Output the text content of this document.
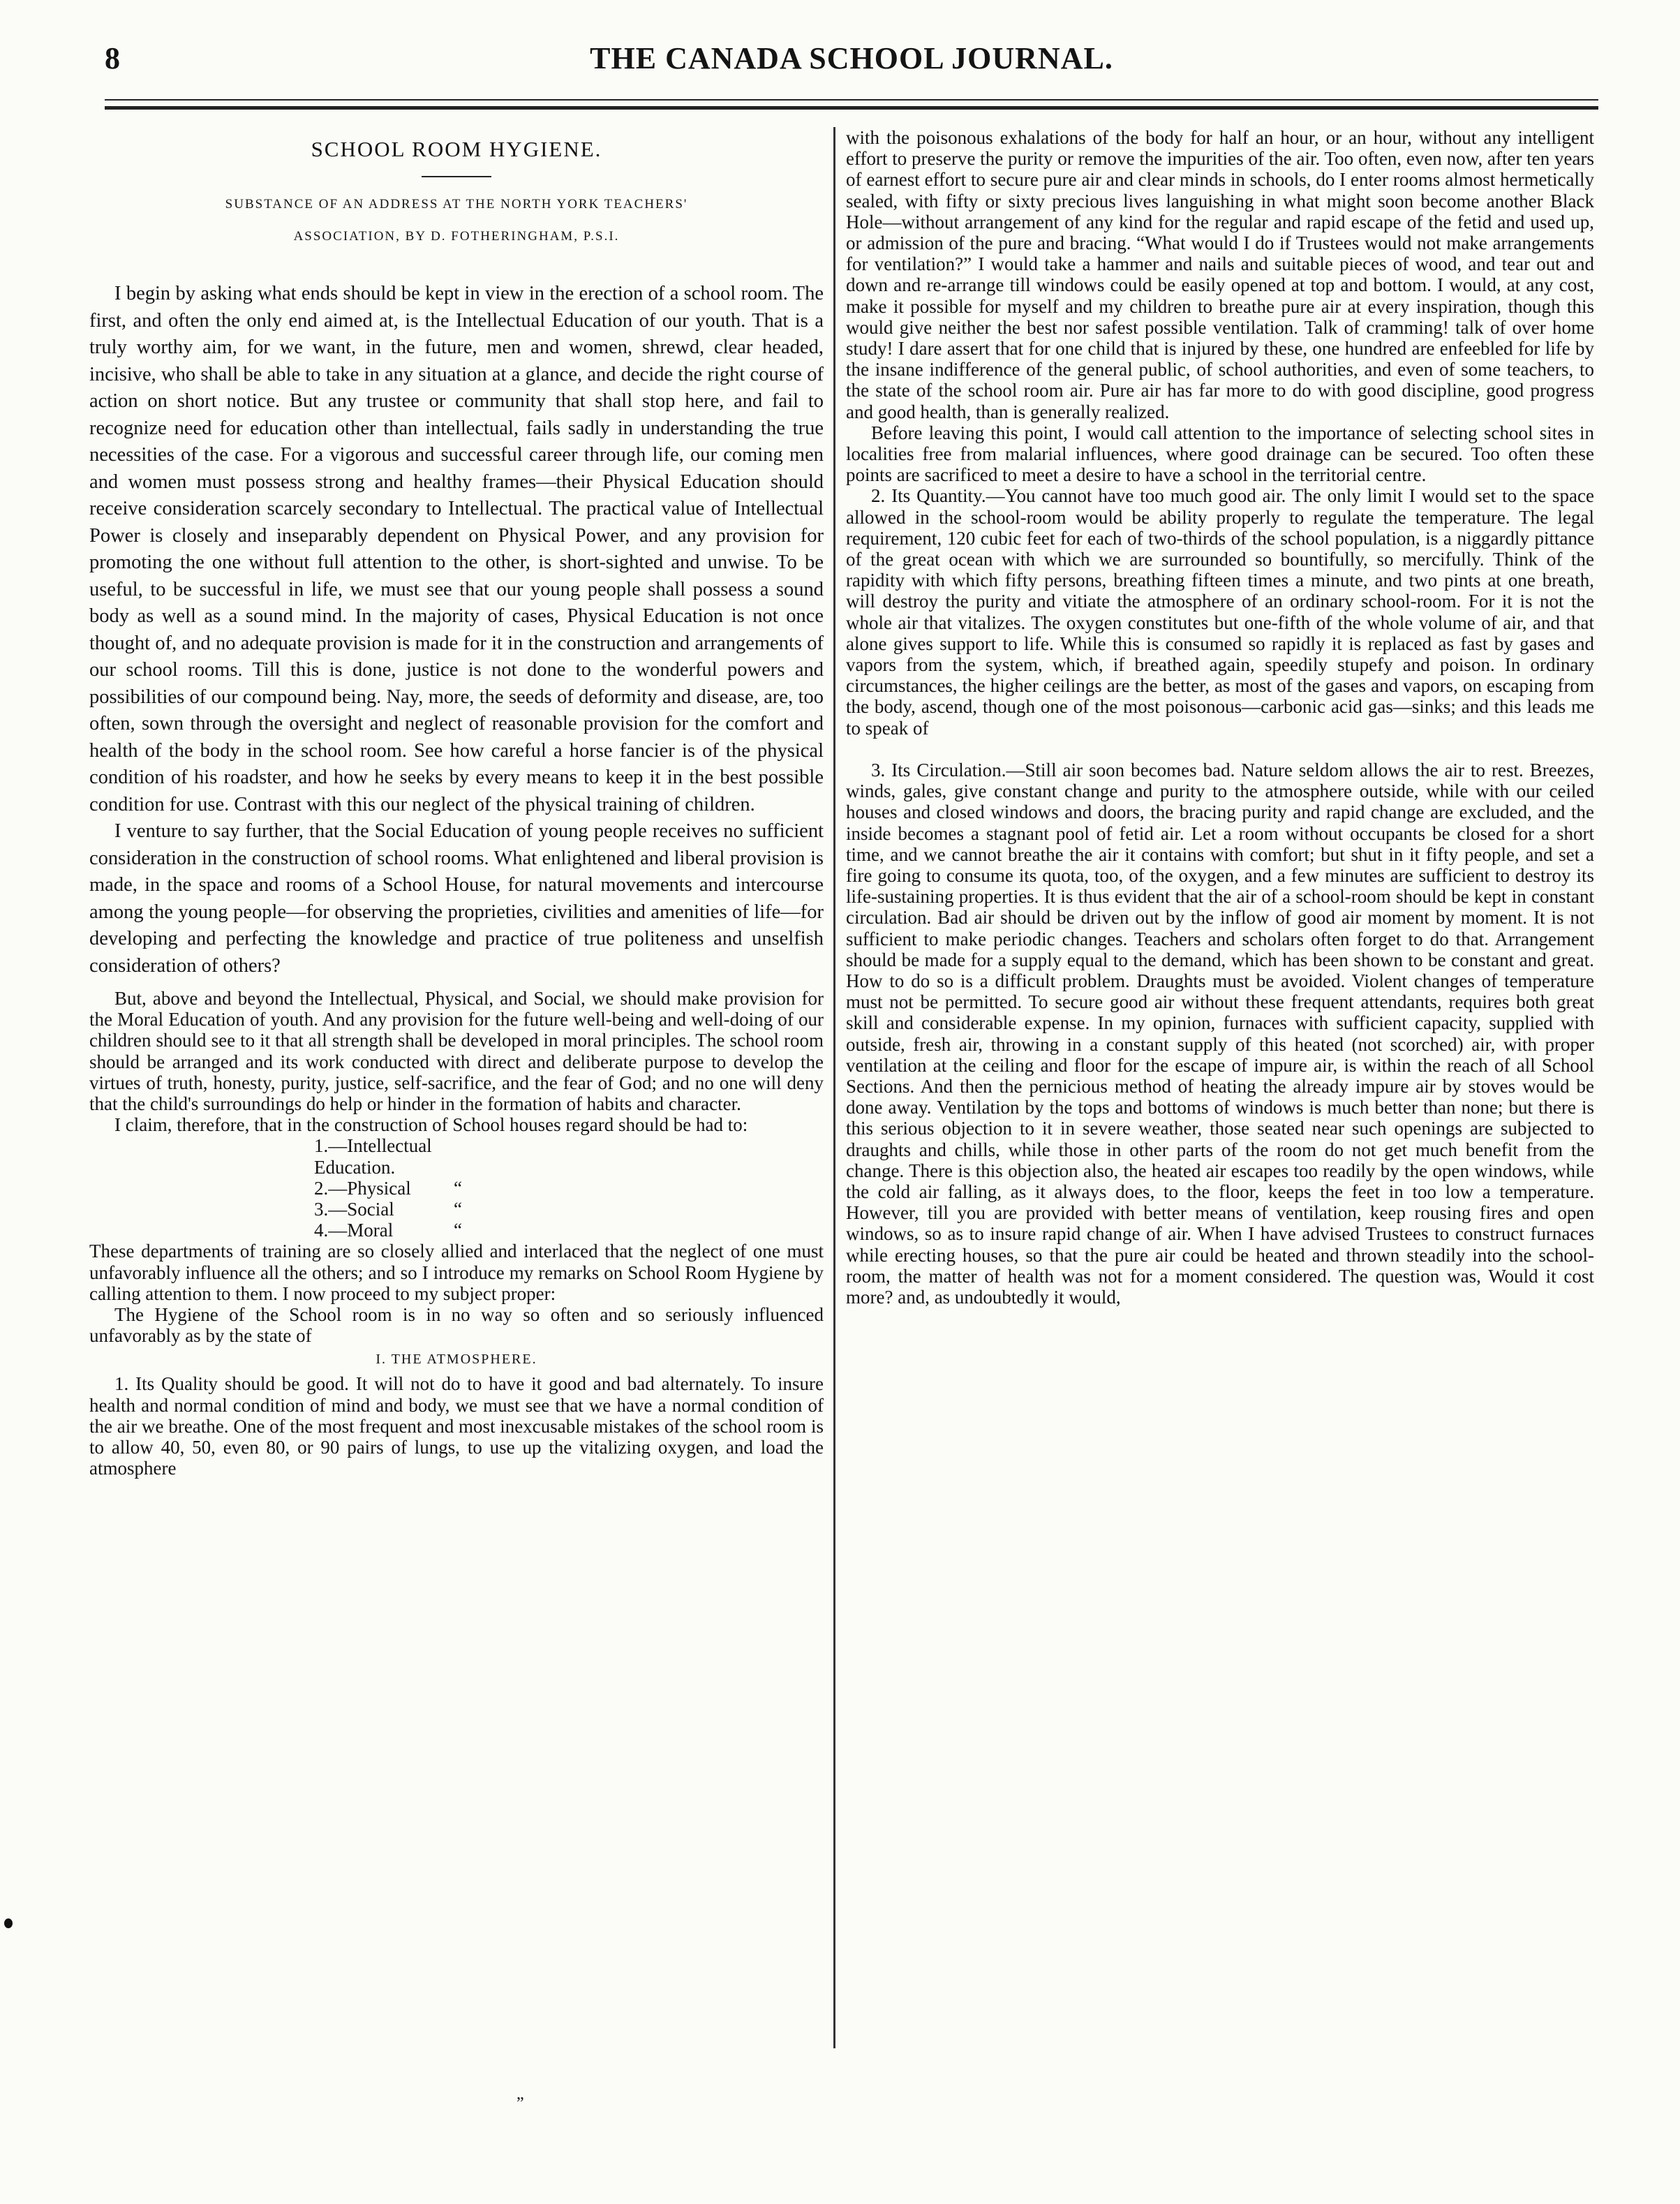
8	THE CANADA SCHOOL JOURNAL.
SCHOOL ROOM HYGIENE.
SUBSTANCE OF AN ADDRESS AT THE NORTH YORK TEACHERS'
ASSOCIATION, BY D. FOTHERINGHAM, P.S.I.

I begin by asking what ends should be kept in view in the erection of a school room. The first, and often the only end aimed at, is the Intellectual Education of our youth. That is a truly worthy aim, for we want, in the future, men and women, shrewd, clear headed, incisive, who shall be able to take in any situation at a glance, and decide the right course of action on short notice. But any trustee or community that shall stop here, and fail to recognize need for education other than intellectual, fails sadly in understanding the true necessities of the case. For a vigorous and successful career through life, our coming men and women must possess strong and healthy frames—their Physical Education should receive consideration scarcely secondary to Intellectual. The practical value of Intellectual Power is closely and inseparably dependent on Physical Power, and any provision for promoting the one without full attention to the other, is short-sighted and unwise. To be useful, to be successful in life, we must see that our young people shall possess a sound body as well as a sound mind. In the majority of cases, Physical Education is not once thought of, and no adequate provision is made for it in the construction and arrangements of our school rooms. Till this is done, justice is not done to the wonderful powers and possibilities of our compound being. Nay, more, the seeds of deformity and disease, are, too often, sown through the oversight and neglect of reasonable provision for the comfort and health of the body in the school room. See how careful a horse fancier is of the physical condition of his roadster, and how he seeks by every means to keep it in the best possible condition for use. Contrast with this our neglect of the physical training of children.

I venture to say further, that the Social Education of young people receives no sufficient consideration in the construction of school rooms. What enlightened and liberal provision is made, in the space and rooms of a School House, for natural movements and intercourse among the young people—for observing the proprieties, civilities and amenities of life—for developing and perfecting the knowledge and practice of true politeness and unselfish consideration of others?

But, above and beyond the Intellectual, Physical, and Social, we should make provision for the Moral Education of youth. And any provision for the future well-being and well-doing of our children should see to it that all strength shall be developed in moral principles. The school room should be arranged and its work conducted with direct and deliberate purpose to develop the virtues of truth, honesty, purity, justice, self-sacrifice, and the fear of God; and no one will deny that the child's surroundings do help or hinder in the formation of habits and character.

I claim, therefore, that in the construction of School houses regard should be had to:

1.—Intellectual Education.
2.—Physical	“
3.—Social	“
4.—Moral	“

These departments of training are so closely allied and interlaced that the neglect of one must unfavorably influence all the others; and so I introduce my remarks on School Room Hygiene by calling attention to them. I now proceed to my subject proper:

The Hygiene of the School room is in no way so often and so seriously influenced unfavorably as by the state of

I. THE ATMOSPHERE.

1. Its Quality should be good. It will not do to have it good and bad alternately. To insure health and normal condition of mind and body, we must see that we have a normal condition of the air we breathe. One of the most frequent and most inexcusable mistakes of the school room is to allow 40, 50, even 80, or 90 pairs of lungs, to use up the vitalizing oxygen, and load the atmosphere

with the poisonous exhalations of the body for half an hour, or an hour, without any intelligent effort to preserve the purity or remove the impurities of the air. Too often, even now, after ten years of earnest effort to secure pure air and clear minds in schools, do I enter rooms almost hermetically sealed, with fifty or sixty precious lives languishing in what might soon become another Black Hole—without arrangement of any kind for the regular and rapid escape of the fetid and used up, or admission of the pure and bracing. “What would I do if Trustees would not make arrangements for ventilation?” I would take a hammer and nails and suitable pieces of wood, and tear out and down and re-arrange till windows could be easily opened at top and bottom. I would, at any cost, make it possible for myself and my children to breathe pure air at every inspiration, though this would give neither the best nor safest possible ventilation. Talk of cramming! talk of over home study! I dare assert that for one child that is injured by these, one hundred are enfeebled for life by the insane indifference of the general public, of school authorities, and even of some teachers, to the state of the school room air. Pure air has far more to do with good discipline, good progress and good health, than is generally realized.

Before leaving this point, I would call attention to the importance of selecting school sites in localities free from malarial influences, where good drainage can be secured. Too often these points are sacrificed to meet a desire to have a school in the territorial centre.

2. Its Quantity.—You cannot have too much good air. The only limit I would set to the space allowed in the school-room would be ability properly to regulate the temperature. The legal requirement, 120 cubic feet for each of two-thirds of the school population, is a niggardly pittance of the great ocean with which we are surrounded so bountifully, so mercifully. Think of the rapidity with which fifty persons, breathing fifteen times a minute, and two pints at one breath, will destroy the purity and vitiate the atmosphere of an ordinary school-room. For it is not the whole air that vitalizes. The oxygen constitutes but one-fifth of the whole volume of air, and that alone gives support to life. While this is consumed so rapidly it is replaced as fast by gases and vapors from the system, which, if breathed again, speedily stupefy and poison. In ordinary circumstances, the higher ceilings are the better, as most of the gases and vapors, on escaping from the body, ascend, though one of the most poisonous—carbonic acid gas—sinks; and this leads me to speak of

3. Its Circulation.—Still air soon becomes bad. Nature seldom allows the air to rest. Breezes, winds, gales, give constant change and purity to the atmosphere outside, while with our ceiled houses and closed windows and doors, the bracing purity and rapid change are excluded, and the inside becomes a stagnant pool of fetid air. Let a room without occupants be closed for a short time, and we cannot breathe the air it contains with comfort; but shut in it fifty people, and set a fire going to consume its quota, too, of the oxygen, and a few minutes are sufficient to destroy its life-sustaining properties. It is thus evident that the air of a school-room should be kept in constant circulation. Bad air should be driven out by the inflow of good air moment by moment. It is not sufficient to make periodic changes. Teachers and scholars often forget to do that. Arrangement should be made for a supply equal to the demand, which has been shown to be constant and great. How to do so is a difficult problem. Draughts must be avoided. Violent changes of temperature must not be permitted. To secure good air without these frequent attendants, requires both great skill and considerable expense. In my opinion, furnaces with sufficient capacity, supplied with outside, fresh air, throwing in a constant supply of this heated (not scorched) air, with proper ventilation at the ceiling and floor for the escape of impure air, is within the reach of all School Sections. And then the pernicious method of heating the already impure air by stoves would be done away. Ventilation by the tops and bottoms of windows is much better than none; but there is this serious objection to it in severe weather, those seated near such openings are subjected to draughts and chills, while those in other parts of the room do not get much benefit from the change. There is this objection also, the heated air escapes too readily by the open windows, while the cold air falling, as it always does, to the floor, keeps the feet in too low a temperature. However, till you are provided with better means of ventilation, keep rousing fires and open windows, so as to insure rapid change of air. When I have advised Trustees to construct furnaces while erecting houses, so that the pure air could be heated and thrown steadily into the school-room, the matter of health was not for a moment considered. The question was, Would it cost more? and, as undoubtedly it would,

”
